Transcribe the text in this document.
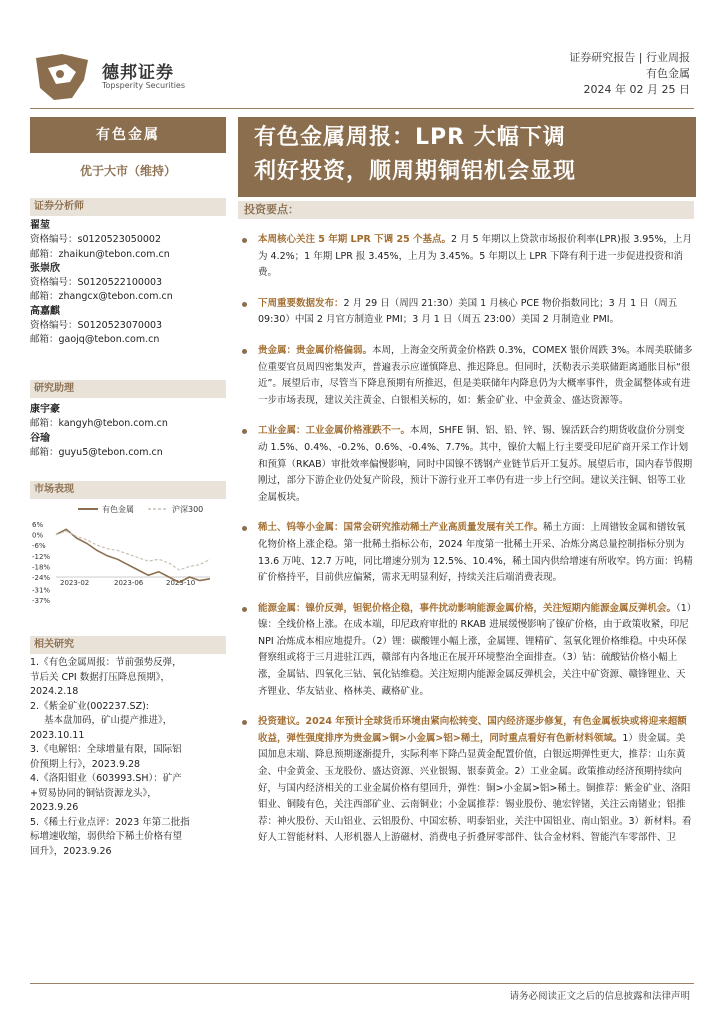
德邦证券
Topsperity Securities
证券研究报告 | 行业周报
有色金属
2024 年 02 月 25 日
有色金属
优于大市（维持）
证券分析师
翟堃
资格编号：s0120523050002
邮箱：zhaikun@tebon.com.cn
张崇欣
资格编号：S0120522100003
邮箱：zhangcx@tebon.com.cn
高嘉麒
资格编号：S0120523070003
邮箱：gaojq@tebon.com.cn
研究助理
康宇豪
邮箱：kangyh@tebon.com.cn
谷瑜
邮箱：guyu5@tebon.com.cn
市场表现
有色金属	沪深300
6%
0%
-6%
-12%
-18%
-24%
-31%
-37%
2023-02	2023-06	2023-10
相关研究

1.《有色金属周报：节前强势反弹，
节后关 CPI 数据打压降息预期》，
2024.2.18

2.《紫金矿业(002237.SZ):

基本盘加码，矿山提产推进》，
2023.10.11

3.《电解铝：全球增量有限，国际铝
价预期上行》，2023.9.28

4.《洛阳钼业（603993.SH）：矿产
+贸易协同的铜钴资源龙头》，
2023.9.26

5.《稀土行业点评：2023 年第二批指
标增速收缩，弱供给下稀土价格有望
回升》，2023.9.26

有色金属周报：LPR 大幅下调
利好投资，顺周期铜铝机会显现
投资要点：
本周核心关注 5 年期 LPR 下调 25 个基点。2 月 5 年期以上贷款市场报价利率(LPR)报 3.95%，上月为 4.2%；1 年期 LPR 报 3.45%，上月为 3.45%。5 年期以上 LPR 下降有利于进一步促进投资和消费。
下周重要数据发布：2 月 29 日（周四 21:30）美国 1 月核心 PCE 物价指数同比；3 月 1 日（周五 09:30）中国 2 月官方制造业 PMI；3 月 1 日（周五 23:00）美国 2 月制造业 PMI。
贵金属：贵金属价格偏弱。本周，上海金交所黄金价格跌 0.3%，COMEX 银价周跌 3%。本周美联储多位重要官员周四密集发声，普遍表示应谨慎降息、推迟降息。但同时，沃勒表示美联储距离通胀目标“很近”。展望后市，尽管当下降息预期有所推迟，但是美联储年内降息仍为大概率事件，贵金属整体或有进一步市场表现，建议关注黄金、白银相关标的，如：紫金矿业、中金黄金、盛达资源等。
工业金属：工业金属价格涨跌不一。本周，SHFE 铜、铝、铅、锌、锡、镍活跃合约期货收盘价分别变动 1.5%、0.4%、-0.2%、0.6%、-0.4%、7.7%。其中，镍价大幅上行主要受印尼矿商开采工作计划和预算（RKAB）审批效率偏慢影响，同时中国镍不锈钢产业链节后开工复苏。展望后市，国内春节假期刚过，部分下游企业仍处复产阶段，预计下游行业开工率仍有进一步上行空间。建议关注铜、铝等工业金属板块。
稀土、钨等小金属：国常会研究推动稀土产业高质量发展有关工作。稀土方面：上周镨钕金属和镨钕氧化物价格上涨企稳。第一批稀土指标公布，2024 年度第一批稀土开采、冶炼分离总量控制指标分别为 13.6 万吨、12.7 万吨，同比增速分别为 12.5%、10.4%，稀土国内供给增速有所收窄。钨方面：钨精矿价格持平，目前供应偏紧，需求无明显利好，持续关注后端消费表现。
能源金属：镍价反弹，钽铌价格企稳，事件扰动影响能源金属价格，关注短期内能源金属反弹机会。（1）镍：全线价格上涨。在成本端，印尼政府审批的 RKAB 进展缓慢影响了镍矿价格，由于政策收紧，印尼 NPI 冶炼成本相应地提升。（2）锂：碳酸锂小幅上涨，金属锂、锂精矿、氢氧化锂价格维稳。中央环保督察组或将于三月进驻江西，赣部有内各地正在展开环境整治全面排查。（3）钴：硫酸钴价格小幅上涨，金属钴、四氧化三钴、氧化钴维稳。关注短期内能源金属反弹机会，关注中矿资源、赣锋锂业、天齐锂业、华友钴业、格林美、藏格矿业。
投资建议。2024 年预计全球货币环境由紧向松转变、国内经济逐步修复，有色金属板块或将迎来超额收益，弹性强度排序为贵金属>铜>小金属>铝>稀土，同时重点看好有色新材料领域。1）贵金属。美国加息末端、降息预期逐渐提升，实际利率下降凸显黄金配置价值，白银远期弹性更大，推荐：山东黄金、中金黄金、玉龙股份、盛达资源、兴业银锡、银泰黄金。2）工业金属。政策推动经济预期持续向好，与国内经济相关的工业金属价格有望回升，弹性：铜>小金属>铝>稀土。铜推荐：紫金矿业、洛阳钼业、铜陵有色，关注西部矿业、云南铜业；小金属推荐：锡业股份、驰宏锌锗，关注云南锗业；铝推荐：神火股份、天山铝业、云铝股份、中国宏桥、明泰铝业，关注中国铝业、南山铝业。3）新材料。看好人工智能材料、人形机器人上游磁材、消费电子折叠屏零部件、钛合金材料、智能汽车零部件、卫
请务必阅读正文之后的信息披露和法律声明
